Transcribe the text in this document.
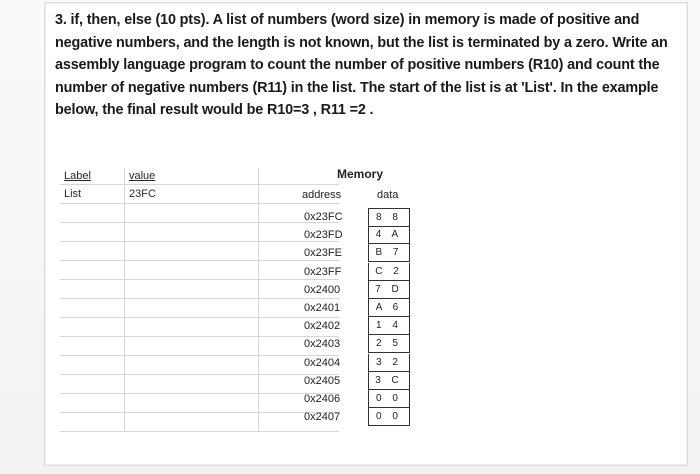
3. if, then, else (10 pts). A list of numbers (word size) in memory is made of positive and

negative numbers, and the length is not known, but the list is terminated by a zero. Write an

assembly language program to count the number of positive numbers (R10) and count the

number of negative numbers (R11) in the list. The start of the list is at 'List'. In the example

below, the final result would be R10=3 , R11 =2 .

Label	value	
List	23FC	

Memory
address	data
0x23FC	8 8
0x23FD	4 A
0x23FE	B 7
0x23FF	C 2
0x2400	7 D
0x2401	A 6
0x2402	1 4
0x2403	2 5
0x2404	3 2
0x2405	3 C
0x2406	0 0
0x2407	0 0
